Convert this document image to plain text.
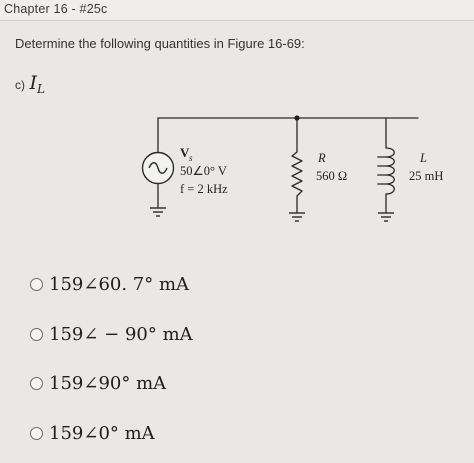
Chapter 16 - #25c
Determine the following quantities in Figure 16-69:
c) $I_L$
V s
50∠0° V
f = 2 kHz
R
560 Ω
L
25 mH
159∠60. 7° mA
159∠ − 90° mA
159∠90° mA
159∠0° mA
